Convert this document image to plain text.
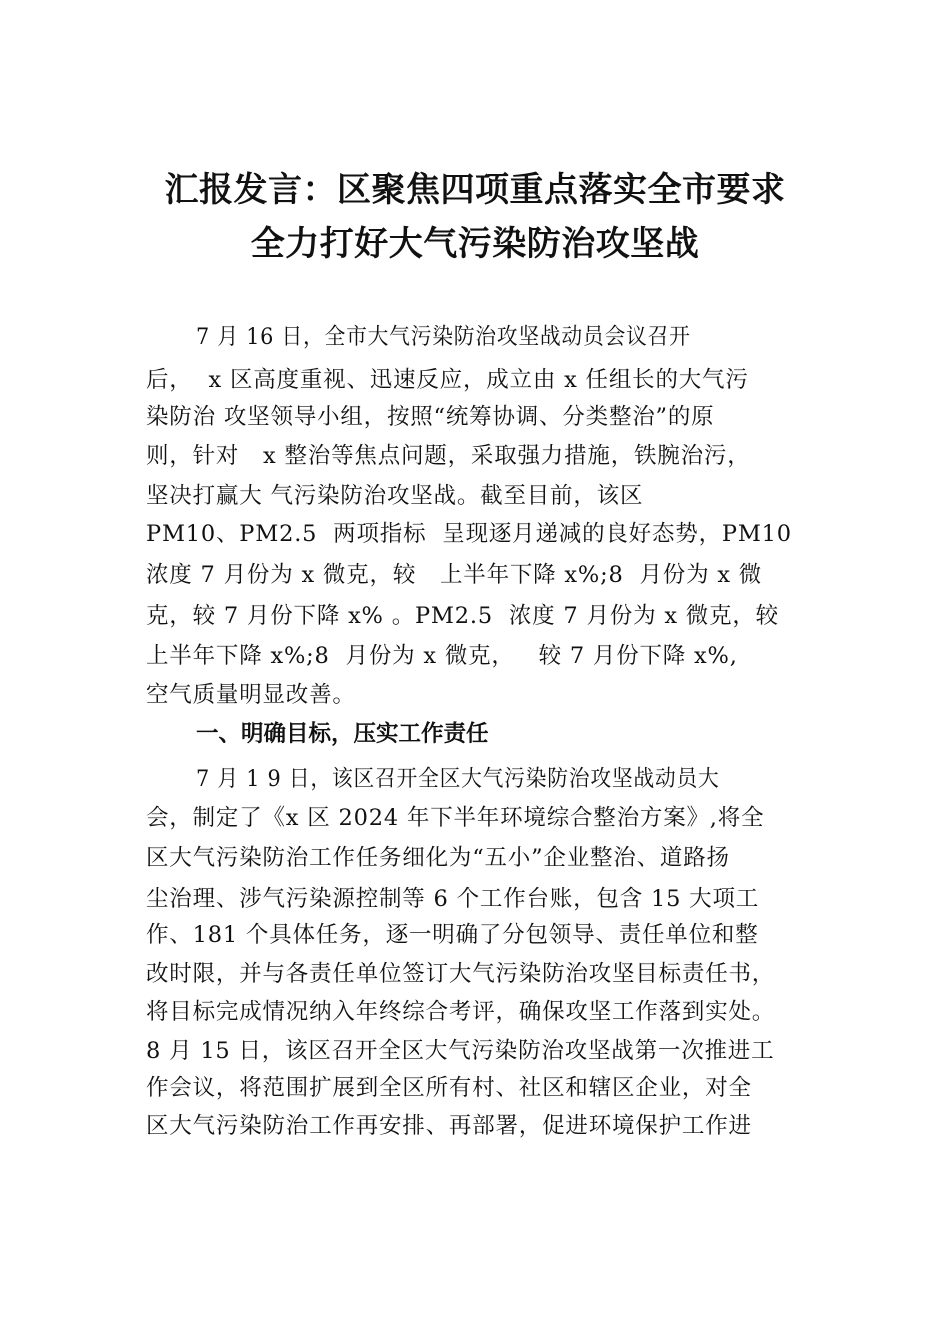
汇报发言：区聚焦四项重点落实全市要求
全力打好大气污染防治攻坚战
7 月 16 日，全市大气污染防治攻坚战动员会议召开
后，  x 区高度重视、迅速反应，成立由 x 任组长的大气污
染防治 攻坚领导小组，按照“统筹协调、分类整治”的原
则，针对   x 整治等焦点问题，采取强力措施，铁腕治污，
坚决打赢大 气污染防治攻坚战。截至目前，该区
PM10、PM2.5  两项指标  呈现逐月递减的良好态势，PM10
浓度 7 月份为 x 微克，较   上半年下降 x%;8  月份为 x 微
克，较 7 月份下降 x% 。PM2.5  浓度 7 月份为 x 微克，较
上半年下降 x%;8  月份为 x 微克，   较 7 月份下降 x%,
空气质量明显改善。
一、明确目标，压实工作责任
7 月 1 9 日，该区召开全区大气污染防治攻坚战动员大
会，制定了《x 区 2024 年下半年环境综合整治方案》,将全
区大气污染防治工作任务细化为“五小”企业整治、道路扬
尘治理、涉气污染源控制等 6 个工作台账，包含 15 大项工
作、181 个具体任务，逐一明确了分包领导、责任单位和整
改时限，并与各责任单位签订大气污染防治攻坚目标责任书，
将目标完成情况纳入年终综合考评，确保攻坚工作落到实处。
8 月 15 日，该区召开全区大气污染防治攻坚战第一次推进工
作会议，将范围扩展到全区所有村、社区和辖区企业，对全
区大气污染防治工作再安排、再部署，促进环境保护工作进
